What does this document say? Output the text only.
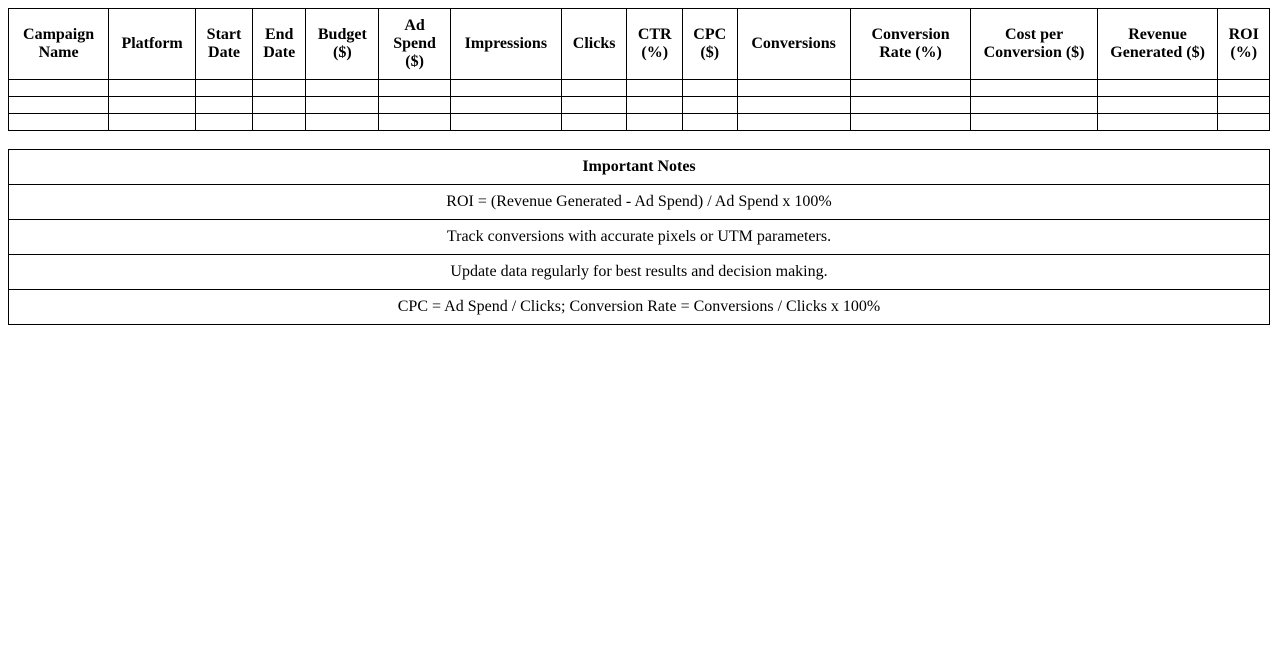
Campaign Name	Platform	Start Date	End Date	Budget ($)	Ad Spend ($)	Impressions	Clicks	CTR (%)	CPC ($)	Conversions	Conversion Rate (%)	Cost per Conversion ($)	Revenue Generated ($)	ROI (%)

Important Notes
ROI = (Revenue Generated - Ad Spend) / Ad Spend x 100%
Track conversions with accurate pixels or UTM parameters.
Update data regularly for best results and decision making.
CPC = Ad Spend / Clicks; Conversion Rate = Conversions / Clicks x 100%
